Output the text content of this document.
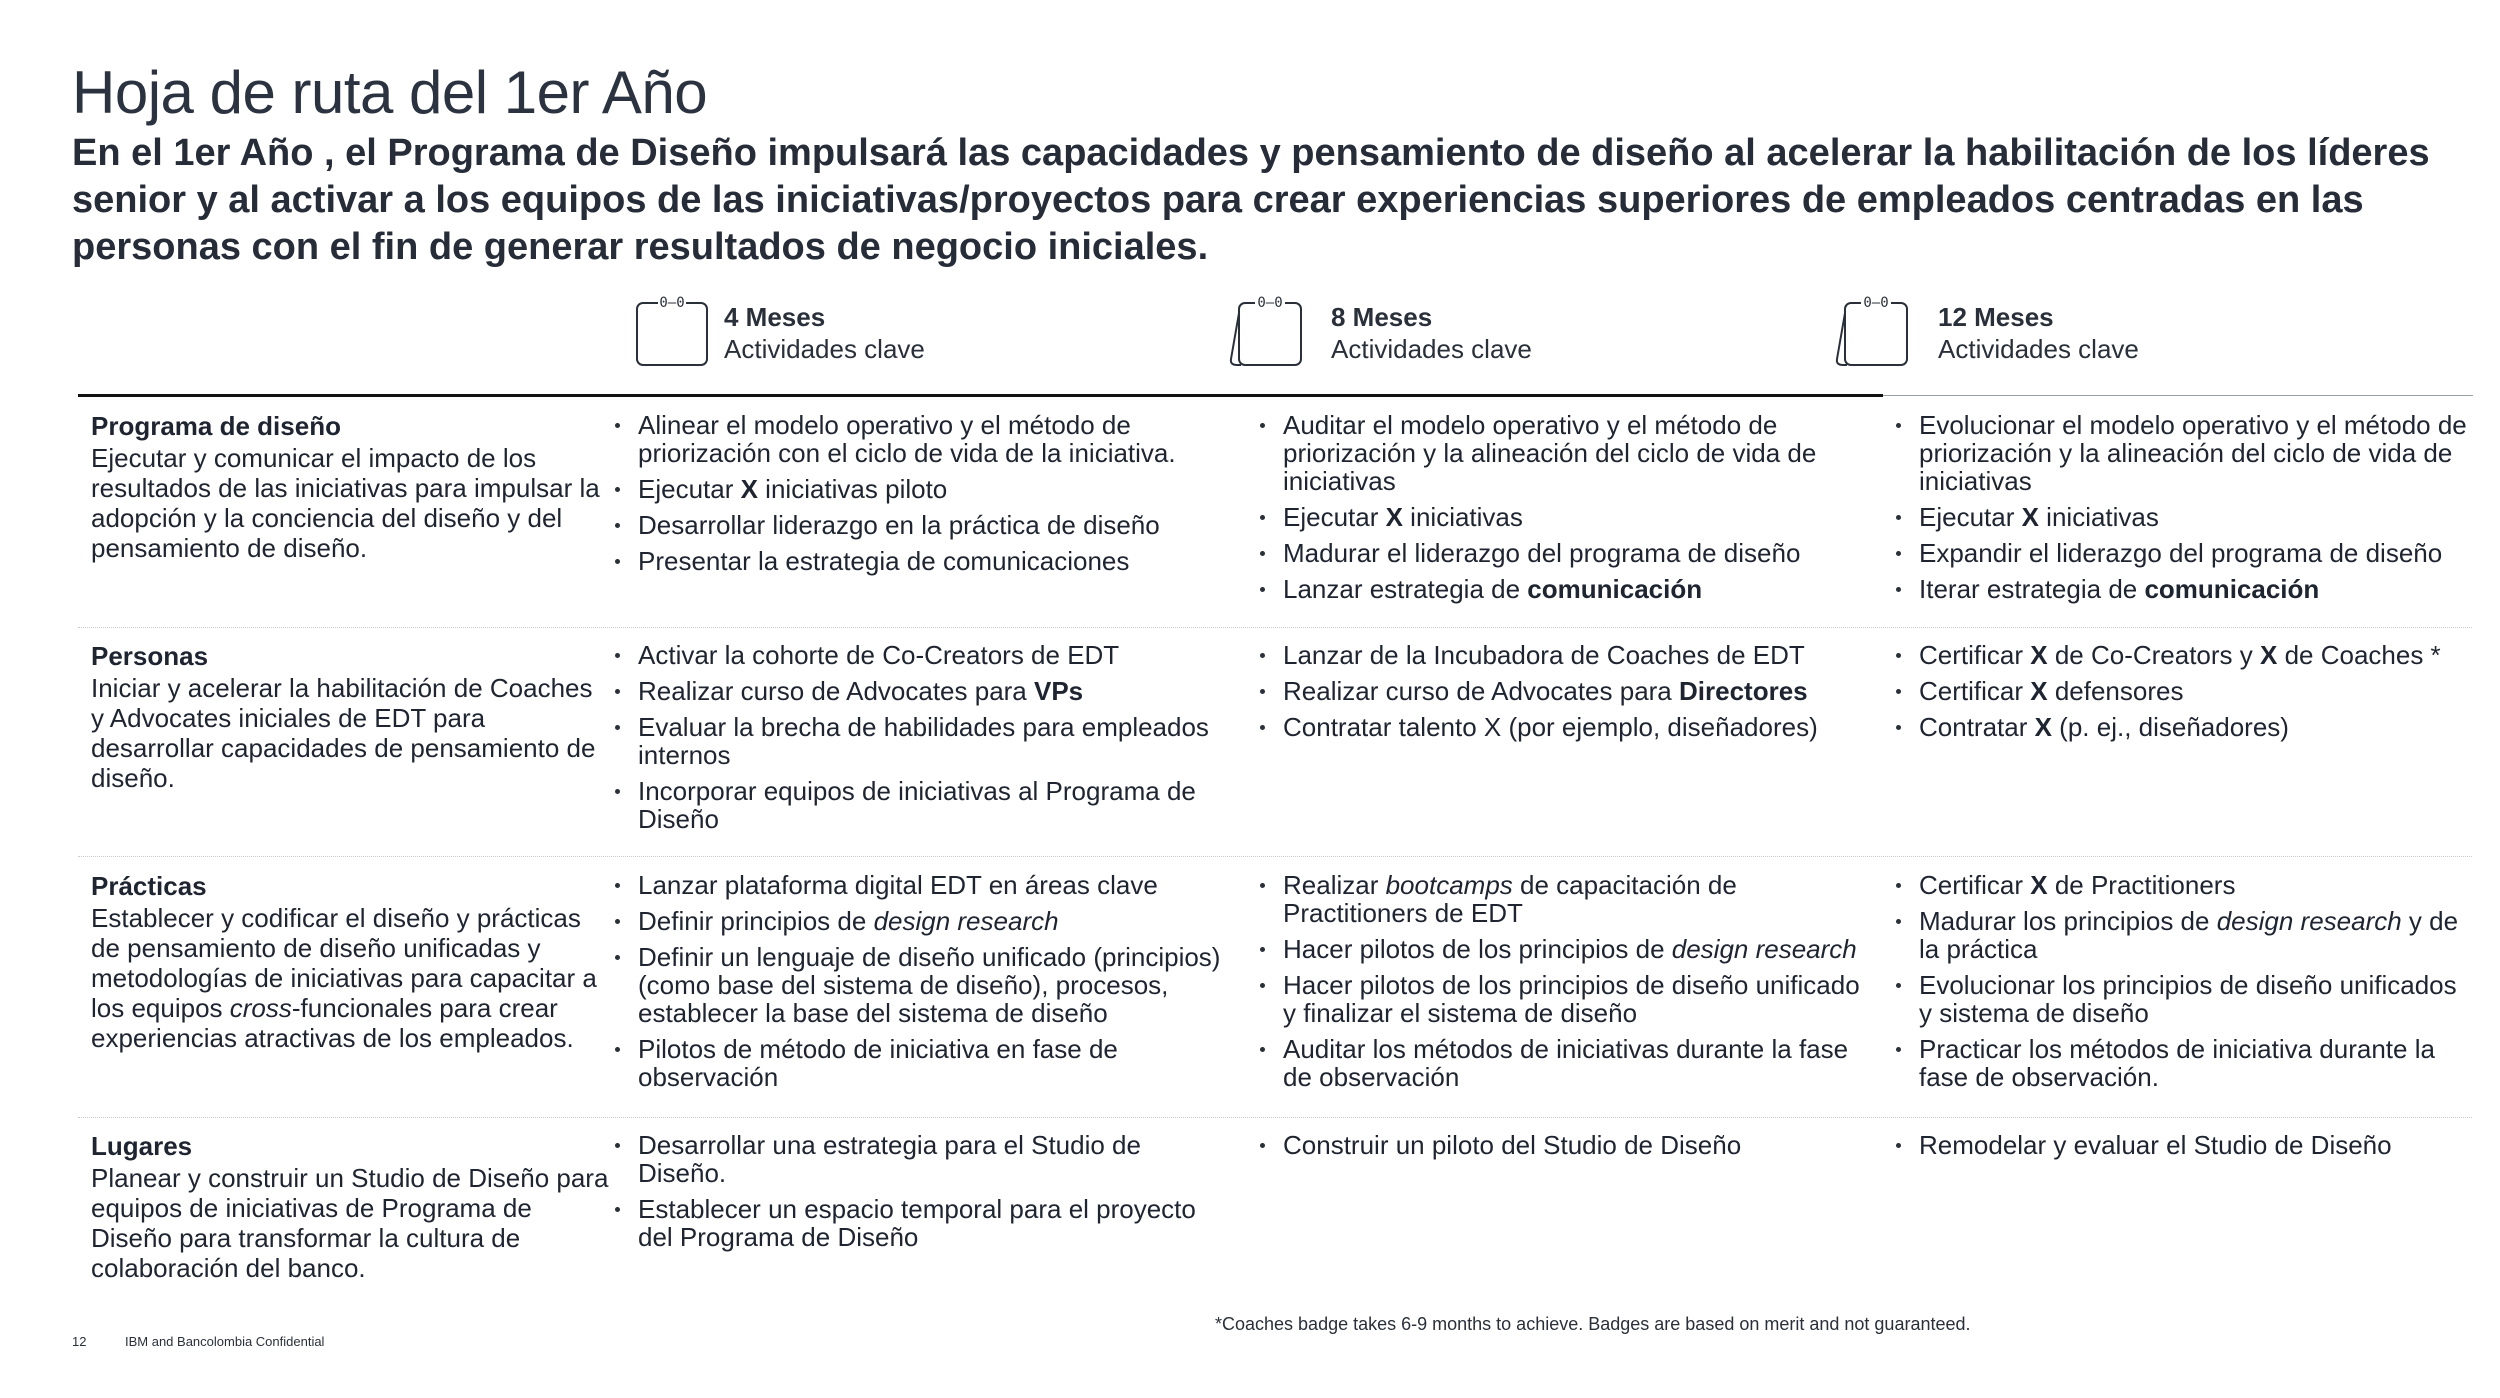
Hoja de ruta del 1er Año
En el 1er Año , el Programa de Diseño impulsará las capacidades y pensamiento de diseño al acelerar la habilitación de los líderes senior y al activar a los equipos de las iniciativas/proyectos para crear experiencias superiores de empleados centradas en las personas con el fin de generar resultados de negocio iniciales.
0—0 4 Meses
Actividades clave
0—0 8 Meses
Actividades clave
0—0 12 Meses
Actividades clave
Programa de diseño
Ejecutar y comunicar el impacto de los resultados de las iniciativas para impulsar la adopción y la conciencia del diseño y del pensamiento de diseño.
Alinear el modelo operativo y el método de priorización con el ciclo de vida de la iniciativa.
Ejecutar X iniciativas piloto
Desarrollar liderazgo en la práctica de diseño
Presentar la estrategia de comunicaciones
Auditar el modelo operativo y el método de priorización y la alineación del ciclo de vida de iniciativas
Ejecutar X iniciativas
Madurar el liderazgo del programa de diseño
Lanzar estrategia de comunicación
Evolucionar el modelo operativo y el método de priorización y la alineación del ciclo de vida de iniciativas
Ejecutar X iniciativas
Expandir el liderazgo del programa de diseño
Iterar estrategia de comunicación
Personas
Iniciar y acelerar la habilitación de Coaches y Advocates iniciales de EDT para desarrollar capacidades de pensamiento de diseño.
Activar la cohorte de Co-Creators de EDT
Realizar curso de Advocates para VPs
Evaluar la brecha de habilidades para empleados internos
Incorporar equipos de iniciativas al Programa de Diseño
Lanzar de la Incubadora de Coaches de EDT
Realizar curso de Advocates para Directores
Contratar talento X (por ejemplo, diseñadores)
Certificar X de Co-Creators y X de Coaches *
Certificar X defensores
Contratar X (p. ej., diseñadores)
Prácticas
Establecer y codificar el diseño y prácticas de pensamiento de diseño unificadas y metodologías de iniciativas para capacitar a los equipos cross-funcionales para crear experiencias atractivas de los empleados.
Lanzar plataforma digital EDT en áreas clave
Definir principios de design research
Definir un lenguaje de diseño unificado (principios) (como base del sistema de diseño), procesos, establecer la base del sistema de diseño
Pilotos de método de iniciativa en fase de observación
Realizar bootcamps de capacitación de Practitioners de EDT
Hacer pilotos de los principios de design research
Hacer pilotos de los principios de diseño unificado y finalizar el sistema de diseño
Auditar los métodos de iniciativas durante la fase de observación
Certificar X de Practitioners
Madurar los principios de design research y de la práctica
Evolucionar los principios de diseño unificados y sistema de diseño
Practicar los métodos de iniciativa durante la fase de observación.
Lugares
Planear y construir un Studio de Diseño para equipos de iniciativas de Programa de Diseño para transformar la cultura de colaboración del banco.
Desarrollar una estrategia para el Studio de Diseño.
Establecer un espacio temporal para el proyecto del Programa de Diseño
Construir un piloto del Studio de Diseño	Remodelar y evaluar el Studio de Diseño
*Coaches badge takes 6-9 months to achieve. Badges are based on merit and not guaranteed.
12	IBM and Bancolombia Confidential
